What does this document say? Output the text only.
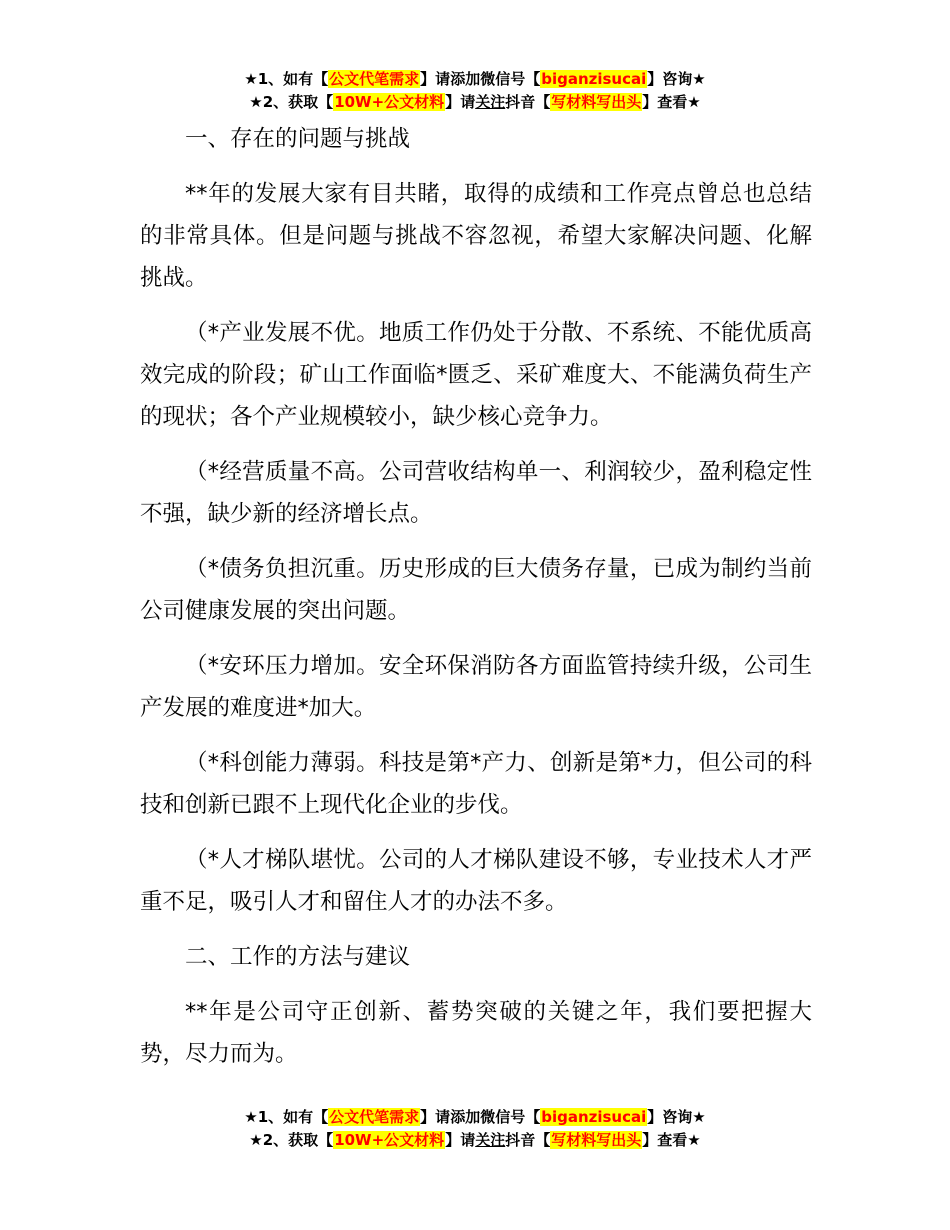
★1、如有【公文代笔需求】请添加微信号【biganzisucai】咨询★
★2、获取【10W+公文材料】请关注抖音【写材料写出头】查看★

一、存在的问题与挑战

**年的发展大家有目共睹，取得的成绩和工作亮点曾总也总结的非常具体。但是问题与挑战不容忽视，希望大家解决问题、化解挑战。

（*产业发展不优。地质工作仍处于分散、不系统、不能优质高效完成的阶段；矿山工作面临*匮乏、采矿难度大、不能满负荷生产的现状；各个产业规模较小，缺少核心竞争力。

（*经营质量不高。公司营收结构单一、利润较少，盈利稳定性不强，缺少新的经济增长点。

（*债务负担沉重。历史形成的巨大债务存量，已成为制约当前公司健康发展的突出问题。

（*安环压力增加。安全环保消防各方面监管持续升级，公司生产发展的难度进*加大。

（*科创能力薄弱。科技是第*产力、创新是第*力，但公司的科技和创新已跟不上现代化企业的步伐。

（*人才梯队堪忧。公司的人才梯队建设不够，专业技术人才严重不足，吸引人才和留住人才的办法不多。

二、工作的方法与建议

**年是公司守正创新、蓄势突破的关键之年，我们要把握大势，尽力而为。

★1、如有【公文代笔需求】请添加微信号【biganzisucai】咨询★
★2、获取【10W+公文材料】请关注抖音【写材料写出头】查看★
